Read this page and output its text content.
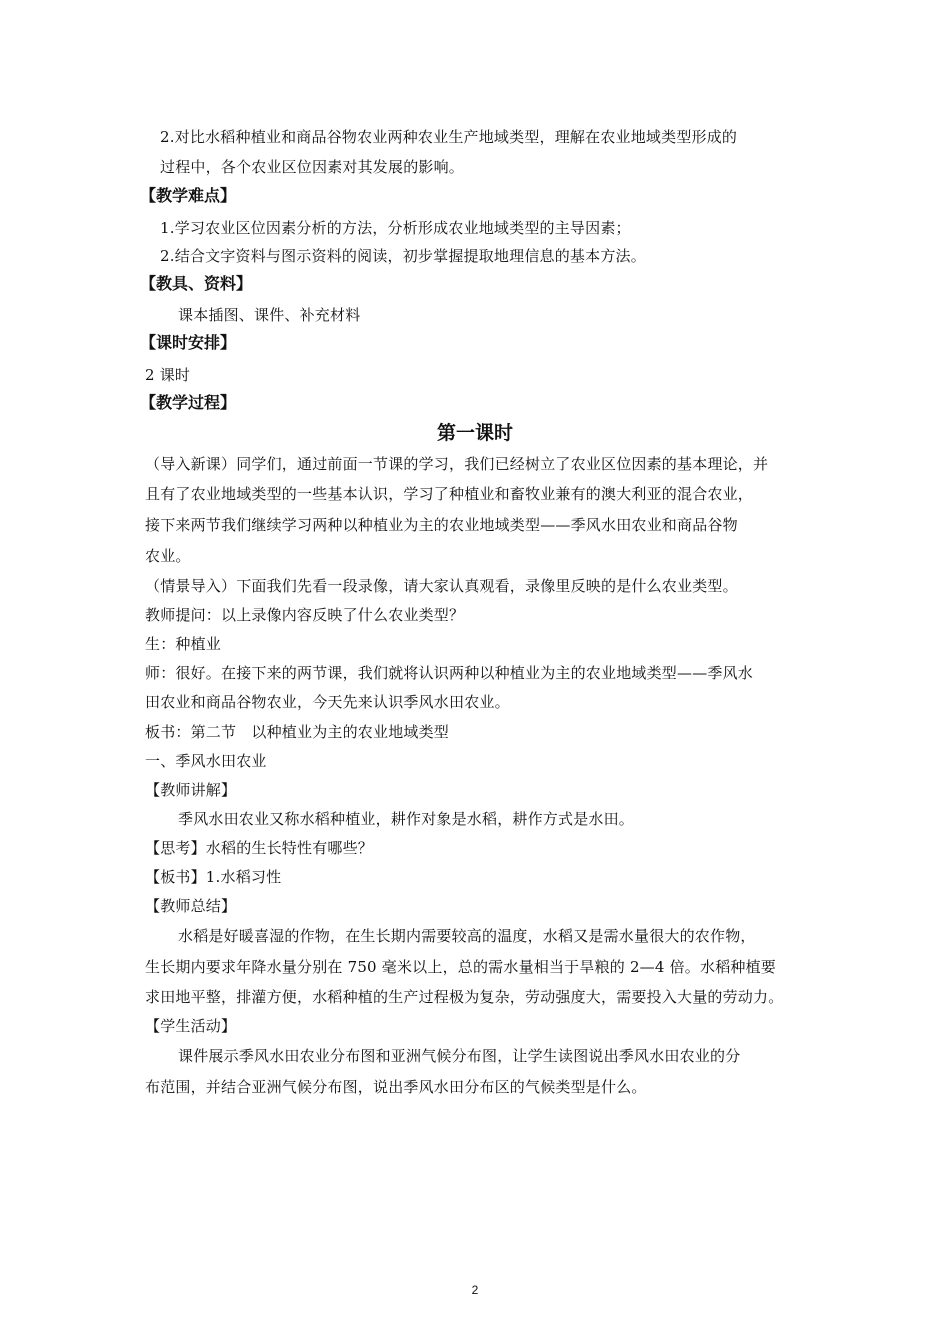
2.对比水稻种植业和商品谷物农业两种农业生产地域类型，理解在农业地域类型形成的
过程中，各个农业区位因素对其发展的影响。
【教学难点】
1.学习农业区位因素分析的方法，分析形成农业地域类型的主导因素；
2.结合文字资料与图示资料的阅读，初步掌握提取地理信息的基本方法。
【教具、资料】
课本插图、课件、补充材料
【课时安排】
2 课时
【教学过程】
第一课时
（导入新课）同学们，通过前面一节课的学习，我们已经树立了农业区位因素的基本理论，并
且有了农业地域类型的一些基本认识，学习了种植业和畜牧业兼有的澳大利亚的混合农业，
接下来两节我们继续学习两种以种植业为主的农业地域类型——季风水田农业和商品谷物
农业。
（情景导入）下面我们先看一段录像，请大家认真观看，录像里反映的是什么农业类型。
教师提问：以上录像内容反映了什么农业类型？
生：种植业
师：很好。在接下来的两节课，我们就将认识两种以种植业为主的农业地域类型——季风水
田农业和商品谷物农业，今天先来认识季风水田农业。
板书：第二节　以种植业为主的农业地域类型
一、季风水田农业
【教师讲解】
季风水田农业又称水稻种植业，耕作对象是水稻，耕作方式是水田。
【思考】水稻的生长特性有哪些？
【板书】1.水稻习性
【教师总结】
水稻是好暖喜湿的作物，在生长期内需要较高的温度，水稻又是需水量很大的农作物，
生长期内要求年降水量分别在 750 毫米以上，总的需水量相当于旱粮的 2—4 倍。水稻种植要
求田地平整，排灌方便，水稻种植的生产过程极为复杂，劳动强度大，需要投入大量的劳动力。
【学生活动】
课件展示季风水田农业分布图和亚洲气候分布图，让学生读图说出季风水田农业的分
布范围，并结合亚洲气候分布图，说出季风水田分布区的气候类型是什么。
2
